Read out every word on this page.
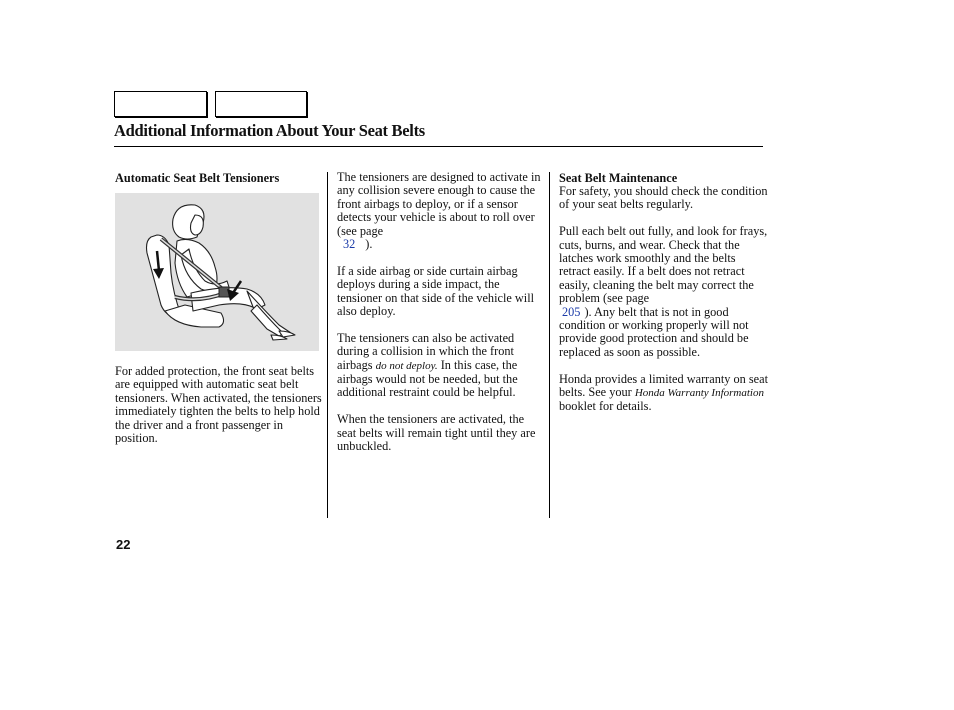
Additional Information About Your Seat Belts
Automatic Seat Belt Tensioners

For added protection, the front seat belts are equipped with automatic seat belt tensioners. When activated, the tensioners immediately tighten the belts to help hold the driver and a front passenger in position.

The tensioners are designed to activate in any collision severe enough to cause the front airbags to deploy, or if a sensor detects your vehicle is about to roll over (see page
32 ).

If a side airbag or side curtain airbag deploys during a side impact, the tensioner on that side of the vehicle will also deploy.

The tensioners can also be activated during a collision in which the front airbags do not deploy. In this case, the airbags would not be needed, but the additional restraint could be helpful.

When the tensioners are activated, the seat belts will remain tight until they are unbuckled.

Seat Belt Maintenance

For safety, you should check the condition of your seat belts regularly.

Pull each belt out fully, and look for frays, cuts, burns, and wear. Check that the latches work smoothly and the belts retract easily. If a belt does not retract easily, cleaning the belt may correct the problem (see page
205 ). Any belt that is not in good condition or working properly will not provide good protection and should be replaced as soon as possible.

Honda provides a limited warranty on seat belts. See your Honda Warranty Information booklet for details.

22
